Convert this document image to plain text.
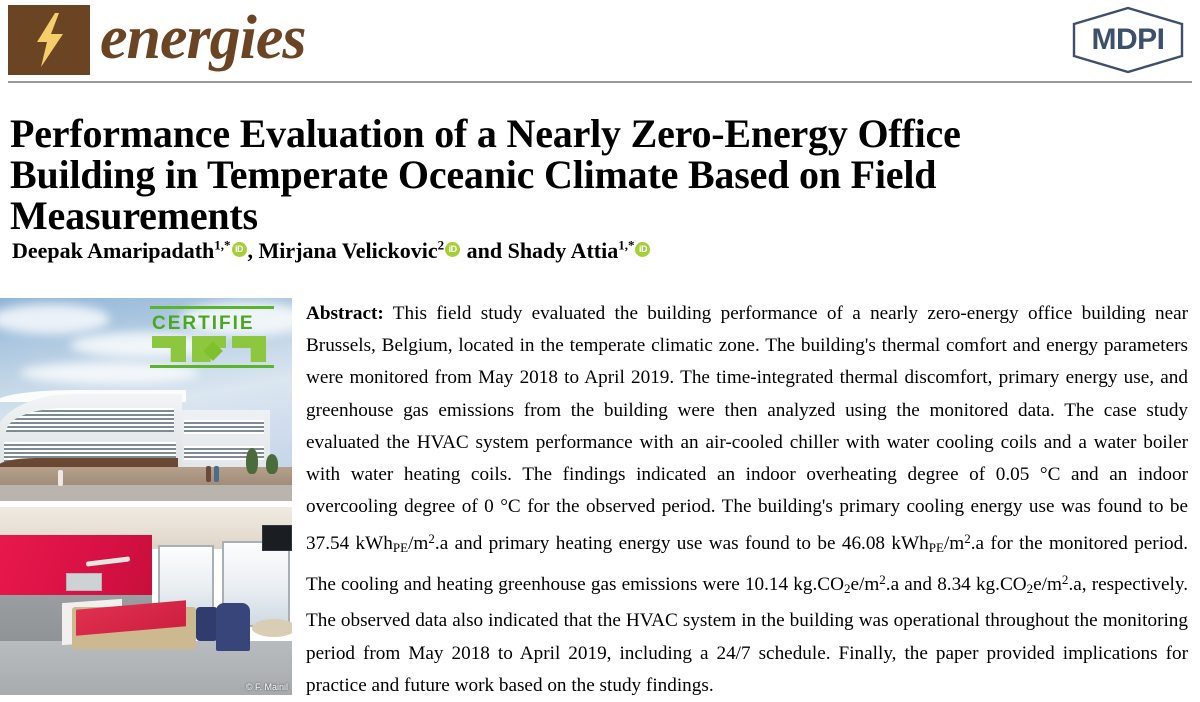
energies	MDPI
Performance Evaluation of a Nearly Zero-Energy Office Building in Temperate Oceanic Climate Based on Field Measurements
Deepak Amaripadath$^{1,*}$ iD , Mirjana Velickovic$^2$ iD and Shady Attia$^{1,*}$ iD
CERTIFIE
© F. Mainil
Abstract: This field study evaluated the building performance of a nearly zero-energy office building near Brussels, Belgium, located in the temperate climatic zone. The building's thermal comfort and energy parameters were monitored from May 2018 to April 2019. The time-integrated thermal discomfort, primary energy use, and greenhouse gas emissions from the building were then analyzed using the monitored data. The case study evaluated the HVAC system performance with an air-cooled chiller with water cooling coils and a water boiler with water heating coils. The findings indicated an indoor overheating degree of 0.05 °C and an indoor overcooling degree of 0 °C for the observed period. The building's primary cooling energy use was found to be 37.54 $kWh_{PE}/m^2.a$ and primary heating energy use was found to be 46.08 $kWh_{PE}/m^2.a$ for the monitored period. The cooling and heating greenhouse gas emissions were 10.14 $kg.CO_2e/m^2.a$ and 8.34 $kg.CO_2e/m^2.a$, respectively. The observed data also indicated that the HVAC system in the building was operational throughout the monitoring period from May 2018 to April 2019, including a 24/7 schedule. Finally, the paper provided implications for practice and future work based on the study findings.
